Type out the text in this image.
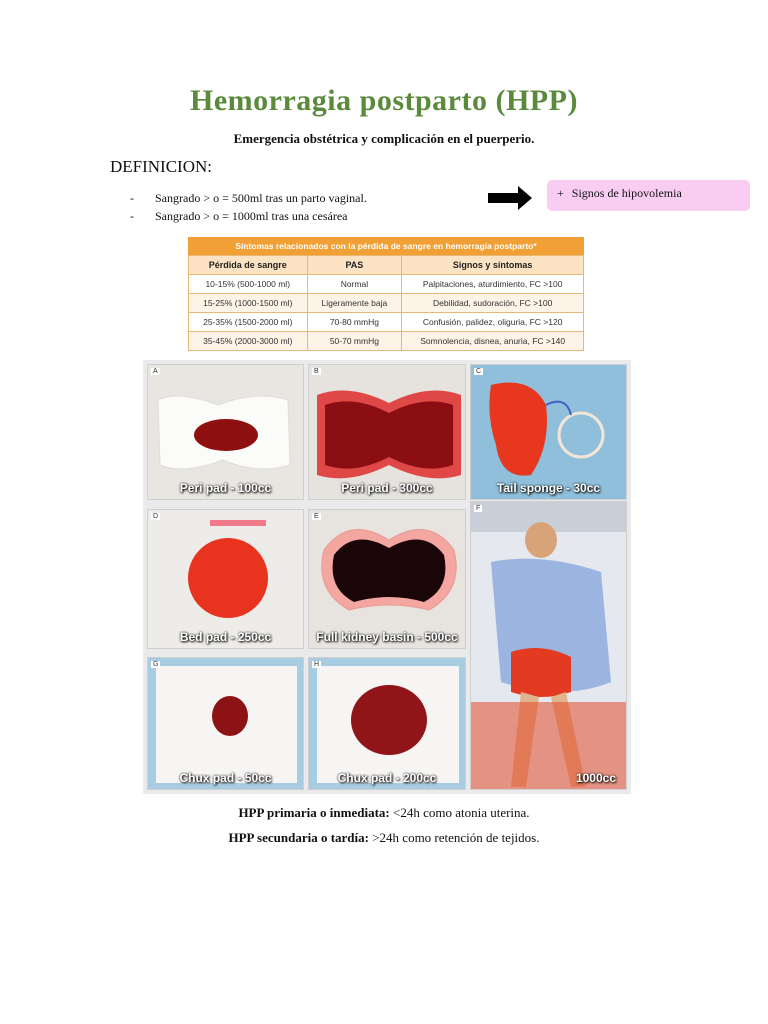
Hemorragia postparto (HPP)
Emergencia obstétrica y complicación en el puerperio.
DEFINICION:
- Sangrado > o = 500ml tras un parto vaginal.
- Sangrado > o = 1000ml tras una cesárea
+ Signos de hipovolemia
Síntomas relacionados con la pérdida de sangre en hemorragia postparto*
Pérdida de sangre	PAS	Signos y síntomas
10-15% (500-1000 ml)	Normal	Palpitaciones, aturdimiento, FC >100
15-25% (1000-1500 ml)	Ligeramente baja	Debilidad, sudoración, FC >100
25-35% (1500-2000 ml)	70-80 mmHg	Confusión, palidez, oliguria, FC >120
35-45% (2000-3000 ml)	50-70 mmHg	Somnolencia, disnea, anuria, FC >140
A
Peri pad - 100cc
B
Peri pad - 300cc
C
Tail sponge - 30cc
D
Bed pad - 250cc
E
Full kidney basin - 500cc
F
1000cc
G
Chux pad - 50cc
H
Chux pad - 200cc
HPP primaria o inmediata: <24h como atonia uterina.
HPP secundaria o tardía: >24h como retención de tejidos.
